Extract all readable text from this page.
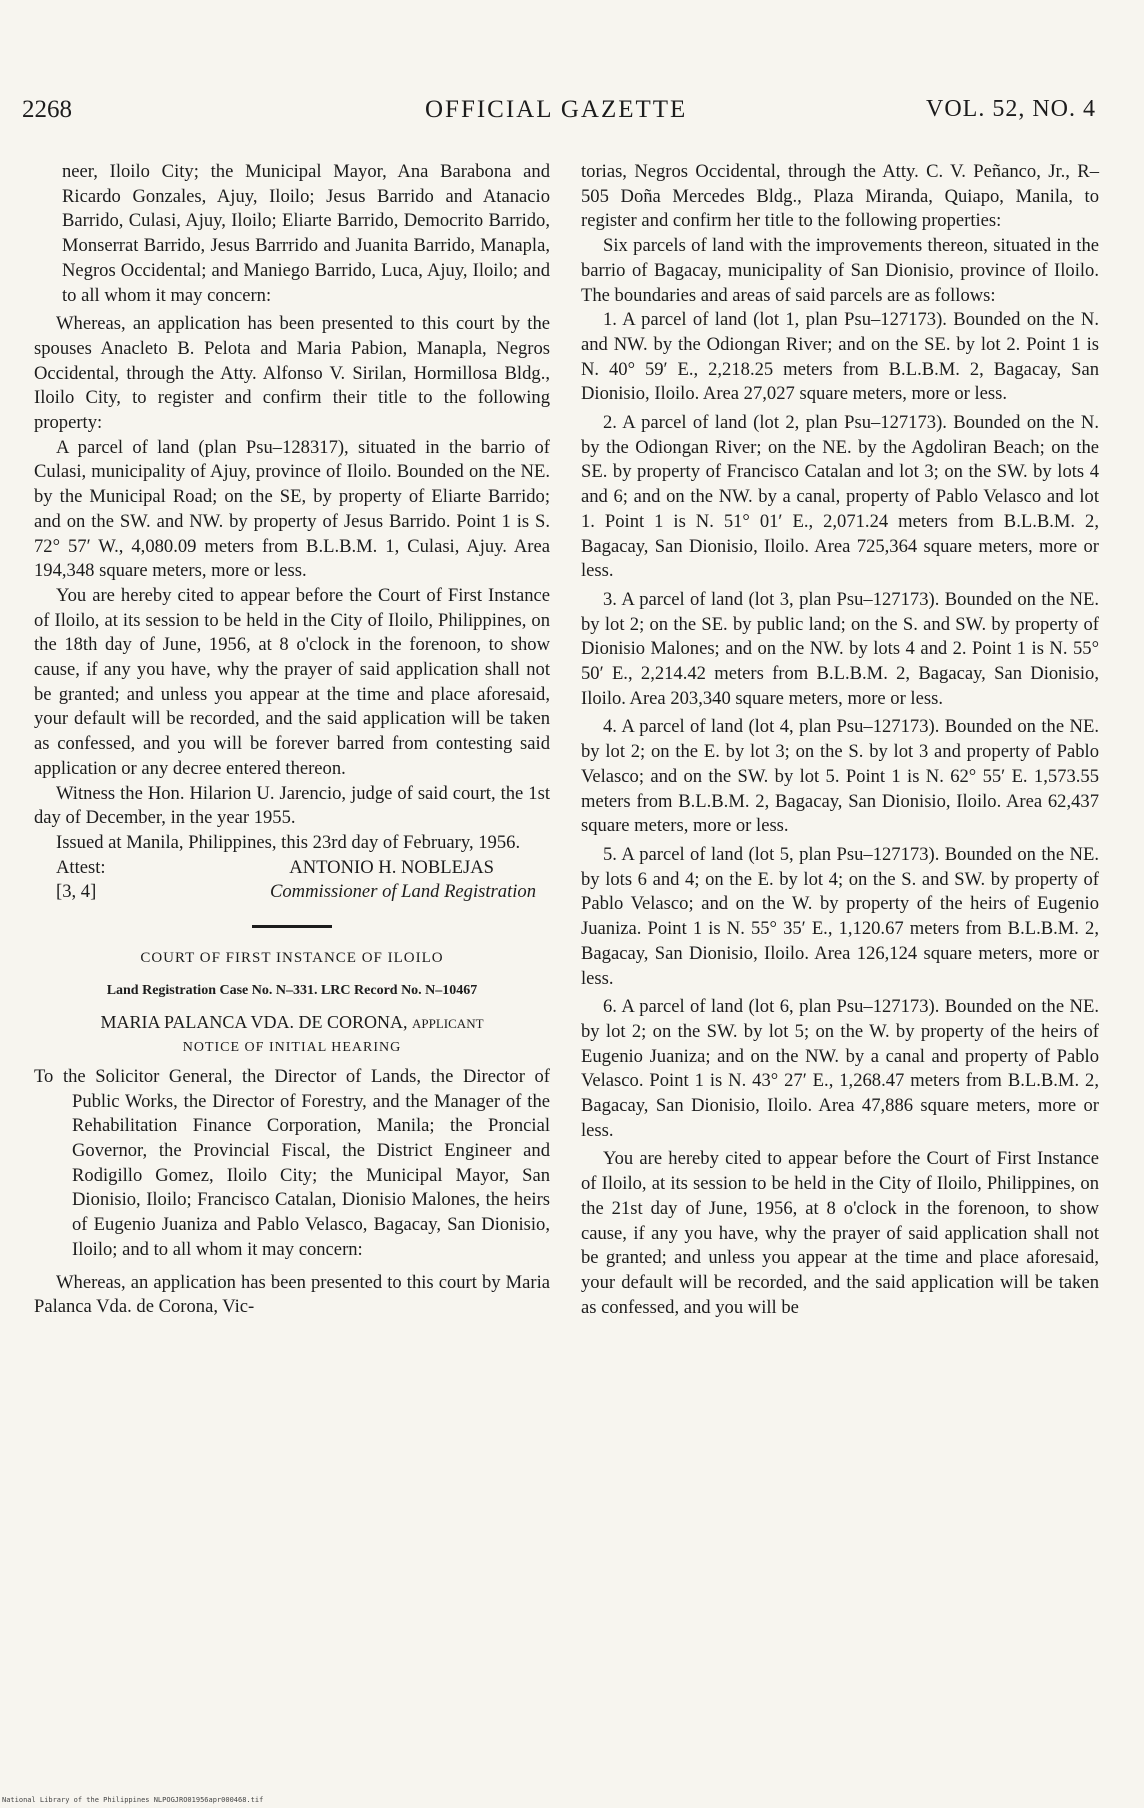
2268	OFFICIAL GAZETTE	VOL. 52, NO. 4

neer, Iloilo City; the Municipal Mayor, Ana Barabona and Ricardo Gonzales, Ajuy, Iloilo; Jesus Barrido and Atanacio Barrido, Culasi, Ajuy, Iloilo; Eliarte Barrido, Democrito Barrido, Monserrat Barrido, Jesus Barrrido and Juanita Barrido, Manapla, Negros Occidental; and Maniego Barrido, Luca, Ajuy, Iloilo; and to all whom it may concern:

Whereas, an application has been presented to this court by the spouses Anacleto B. Pelota and Maria Pabion, Manapla, Negros Occidental, through the Atty. Alfonso V. Sirilan, Hormillosa Bldg., Iloilo City, to register and confirm their title to the following property:

A parcel of land (plan Psu–128317), situated in the barrio of Culasi, municipality of Ajuy, province of Iloilo. Bounded on the NE. by the Municipal Road; on the SE, by property of Eliarte Barrido; and on the SW. and NW. by property of Jesus Barrido. Point 1 is S. 72° 57′ W., 4,080.09 meters from B.L.B.M. 1, Culasi, Ajuy. Area 194,348 square meters, more or less.

You are hereby cited to appear before the Court of First Instance of Iloilo, at its session to be held in the City of Iloilo, Philippines, on the 18th day of June, 1956, at 8 o'clock in the forenoon, to show cause, if any you have, why the prayer of said application shall not be granted; and unless you appear at the time and place aforesaid, your default will be recorded, and the said application will be taken as confessed, and you will be forever barred from contesting said application or any decree entered thereon.

Witness the Hon. Hilarion U. Jarencio, judge of said court, the 1st day of December, in the year 1955.

Issued at Manila, Philippines, this 23rd day of February, 1956.

Attest:	ANTONIO H. NOBLEJAS
[3, 4]	Commissioner of Land Registration

COURT OF FIRST INSTANCE OF ILOILO

Land Registration Case No. N–331. LRC Record No. N–10467

MARIA PALANCA VDA. DE CORONA, applicant

NOTICE OF INITIAL HEARING

To the Solicitor General, the Director of Lands, the Director of Public Works, the Director of Forestry, and the Manager of the Rehabilitation Finance Corporation, Manila; the Proncial Governor, the Provincial Fiscal, the District Engineer and Rodigillo Gomez, Iloilo City; the Municipal Mayor, San Dionisio, Iloilo; Francisco Catalan, Dionisio Malones, the heirs of Eugenio Juaniza and Pablo Velasco, Bagacay, San Dionisio, Iloilo; and to all whom it may concern:

Whereas, an application has been presented to this court by Maria Palanca Vda. de Corona, Vic-

torias, Negros Occidental, through the Atty. C. V. Peñanco, Jr., R–505 Doña Mercedes Bldg., Plaza Miranda, Quiapo, Manila, to register and confirm her title to the following properties:

Six parcels of land with the improvements thereon, situated in the barrio of Bagacay, municipality of San Dionisio, province of Iloilo. The boundaries and areas of said parcels are as follows:

1. A parcel of land (lot 1, plan Psu–127173). Bounded on the N. and NW. by the Odiongan River; and on the SE. by lot 2. Point 1 is N. 40° 59′ E., 2,218.25 meters from B.L.B.M. 2, Bagacay, San Dionisio, Iloilo. Area 27,027 square meters, more or less.

2. A parcel of land (lot 2, plan Psu–127173). Bounded on the N. by the Odiongan River; on the NE. by the Agdoliran Beach; on the SE. by property of Francisco Catalan and lot 3; on the SW. by lots 4 and 6; and on the NW. by a canal, property of Pablo Velasco and lot 1. Point 1 is N. 51° 01′ E., 2,071.24 meters from B.L.B.M. 2, Bagacay, San Dionisio, Iloilo. Area 725,364 square meters, more or less.

3. A parcel of land (lot 3, plan Psu–127173). Bounded on the NE. by lot 2; on the SE. by public land; on the S. and SW. by property of Dionisio Malones; and on the NW. by lots 4 and 2. Point 1 is N. 55° 50′ E., 2,214.42 meters from B.L.B.M. 2, Bagacay, San Dionisio, Iloilo. Area 203,340 square meters, more or less.

4. A parcel of land (lot 4, plan Psu–127173). Bounded on the NE. by lot 2; on the E. by lot 3; on the S. by lot 3 and property of Pablo Velasco; and on the SW. by lot 5. Point 1 is N. 62° 55′ E. 1,573.55 meters from B.L.B.M. 2, Bagacay, San Dionisio, Iloilo. Area 62,437 square meters, more or less.

5. A parcel of land (lot 5, plan Psu–127173). Bounded on the NE. by lots 6 and 4; on the E. by lot 4; on the S. and SW. by property of Pablo Velasco; and on the W. by property of the heirs of Eugenio Juaniza. Point 1 is N. 55° 35′ E., 1,120.67 meters from B.L.B.M. 2, Bagacay, San Dionisio, Iloilo. Area 126,124 square meters, more or less.

6. A parcel of land (lot 6, plan Psu–127173). Bounded on the NE. by lot 2; on the SW. by lot 5; on the W. by property of the heirs of Eugenio Juaniza; and on the NW. by a canal and property of Pablo Velasco. Point 1 is N. 43° 27′ E., 1,268.47 meters from B.L.B.M. 2, Bagacay, San Dionisio, Iloilo. Area 47,886 square meters, more or less.

You are hereby cited to appear before the Court of First Instance of Iloilo, at its session to be held in the City of Iloilo, Philippines, on the 21st day of June, 1956, at 8 o'clock in the forenoon, to show cause, if any you have, why the prayer of said application shall not be granted; and unless you appear at the time and place aforesaid, your default will be recorded, and the said application will be taken as confessed, and you will be

National Library of the Philippines NLPOGJRO01956apr000468.tif
